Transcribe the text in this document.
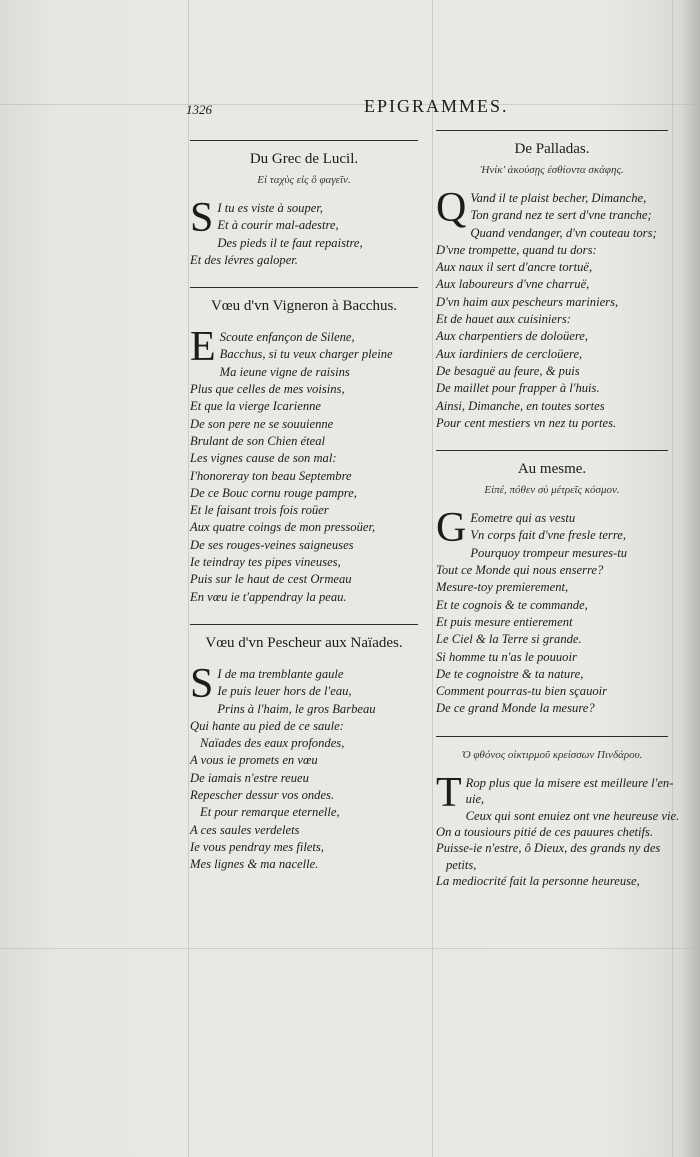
1326	EPIGRAMMES.
Du Grec de Lucil.
Εἰ ταχὺς εἰς ὃ φαγεῖν.
S I tu es viste à souper,
Et à courir mal-adestre,
Des pieds il te faut repaistre,
Et des lévres galoper.
Vœu d'vn Vigneron à Bacchus.
E Scoute enfançon de Silene,
Bacchus, si tu veux charger pleine
Ma ieune vigne de raisins
Plus que celles de mes voisins,
Et que la vierge Icarienne
De son pere ne se souuienne
Brulant de son Chien éteal
Les vignes cause de son mal:
I'honoreray ton beau Septembre
De ce Bouc cornu rouge pampre,
Et le faisant trois fois roüer
Aux quatre coings de mon pressoüer,
De ses rouges-veines saigneuses
Ie teindray tes pipes vineuses,
Puis sur le haut de cest Ormeau
En vœu ie t'appendray la peau.
Vœu d'vn Pescheur aux Naïades.
S I de ma tremblante gaule
Ie puis leuer hors de l'eau,
Prins à l'haim, le gros Barbeau
Qui hante au pied de ce saule:
Naïades des eaux profondes,
A vous ie promets en vœu
De iamais n'estre reueu
Repescher dessur vos ondes.
Et pour remarque eternelle,
A ces saules verdelets
Ie vous pendray mes filets,
Mes lignes & ma nacelle.
De Palladas.
Ἡνίκ' ἀκούσῃς ἐσθίοντα σκάφης.
Q Vand il te plaist becher, Dimanche,
Ton grand nez te sert d'vne tranche;
Quand vendanger, d'vn couteau tors;
D'vne trompette, quand tu dors:
Aux naux il sert d'ancre tortuë,
Aux laboureurs d'vne charruë,
D'vn haim aux pescheurs mariniers,
Et de hauet aux cuisiniers:
Aux charpentiers de doloüere,
Aux iardiniers de cercloüere,
De besaguë au feure, & puis
De maillet pour frapper à l'huis.
Ainsi, Dimanche, en toutes sortes
Pour cent mestiers vn nez tu portes.
Au mesme.
Εἰπέ, πόθεν σὺ μέτρεῖς κόσμον.
G Eometre qui as vestu
Vn corps fait d'vne fresle terre,
Pourquoy trompeur mesures-tu
Tout ce Monde qui nous enserre?
Mesure-toy premierement,
Et te cognois & te commande,
Et puis mesure entierement
Le Ciel & la Terre si grande.
Si homme tu n'as le pouuoir
De te cognoistre & ta nature,
Comment pourras-tu bien sçauoir
De ce grand Monde la mesure?
Ὁ φθόνος οἰκτιρμοῦ κρείσσων Πινδάρου.
T Rop plus que la misere est meilleure l'en-
uie,
Ceux qui sont enuiez ont vne heureuse vie.
On a tousiours pitié de ces pauures chetifs.
Puisse-ie n'estre, ô Dieux, des grands ny des
petits,
La mediocrité fait la personne heureuse,
